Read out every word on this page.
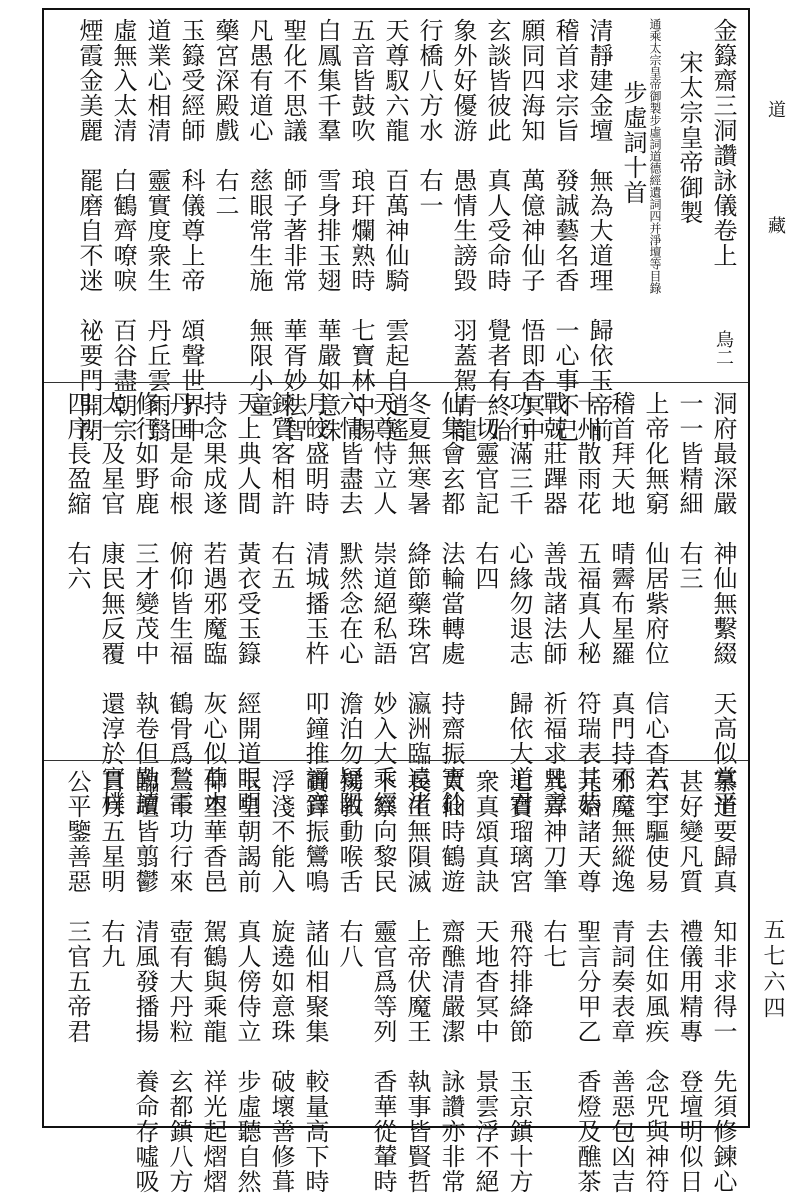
道　藏
五七六四
金籙齋三洞讚詠儀卷上
宋太宗皇帝御製
通乘太宗皇帝御製步虛詞道德經遺詞四并淨壇等目錄
步虛詞十首
清靜建金壇　無為大道理　歸依玉帝前
稽首求宗旨　發誠藝名香　一心事不已
願同四海知　萬億神仙子　悟即杳冥中
玄談皆彼此　真人受命時　覺者有終始
象外好優游　愚情生謗毀　羽蓋駕青龍
行橋八方水　右一
天尊馭六龍　百萬神仙騎　雲起自逍遙
五音皆鼓吹　琅玕爛熟時　七寶林中賜
白鳳集千羣　雪身排玉翅　華嚴如意珠
聖化不思議　師子著非常　華胥妙法智
凡愚有道心　慈眼常生施　無限小童
藥宮深殿戲　右二
玉籙受經師　科儀尊上帝　頌聲世界中
道業心相清　靈實度衆生　丹丘雲雨翳
虛無入太清　白鶴齊嘹唳　百谷盡朝宗
煙霞金美麗　罷磨自不迷　祕要門開閉	鳥二
洞府最深嚴　神仙無繫綴　天高似掌平
一一皆精細　右三
上帝化無窮　仙居紫府位　信心杳若空
稽首拜天地　晴霽布星羅　真門持不二
十州散雨花　五福真人秘　符瑞表其恭
戰兢莊蹕器　善哉諸法師　祈福求凡意
功行滿三千　心緣勿退志　歸依大道君
一切靈官記　右四
仙集會玄都　法輪當轉處　持齋振寶鈴
冬夏無寒暑　絳節藥珠宮　瀛洲臨遠渚
天尊恃立人　崇道絕私語　妙入大乘經
六情皆盡去　默然念在心　澹泊勿疑阻
月皎盛明時　清城播玉杵　叩鐘推誦音
鍊質客相許　右五
天上典人間　黃衣受玉籙　經開道眼明
持念果成遂　若遇邪魔臨　灰心似草木
丹田是命根　俯仰皆生福　鶴骨爲鶖霞
修行如野鹿　三才變茂中　執卷但勤讀
太一及星官　康民無反覆　還淳於實樸
四序長盈縮　右六
慕道要歸真　知非求得一　先須修鍊心
甚好變凡質　禮儀用精專　登壇明似日
六丁驅使易　去住如風疾　念咒與神符
邪魔無縱逸　青詞奏表章　善惡包凶吉
元始諸天尊　聖言分甲乙　香燈及醮茶
巽弄神刀筆　右七
七寶瑠璃宮　飛符排絳節　玉京鎮十方
衆真頌真訣　天地杳冥中　景雲浮不絕
太仙時鶴遊　齋醮清嚴潔　詠讚亦非常
長生無隕滅　上帝伏魔王　執事皆賢哲
下察向黎民　靈官爲等列　香華從輦時
揚教動喉舌　右八
寶鐸振鸞鳴　諸仙相聚集　較量高下時
浮淺不能入　旋遶如意珠　破壞善修葺
玉皇朝謁前　真人傍侍立　步虛聽自然
仰望華香邑　駕鶴與乘龍　祥光起熠熠
三千功行來　壺有大丹粒　玄都鎮八方
臨壇皆翦鬱　清風發播揚　養命存噓吸
日月五星明　右九
公平鑒善惡　三官五帝君
